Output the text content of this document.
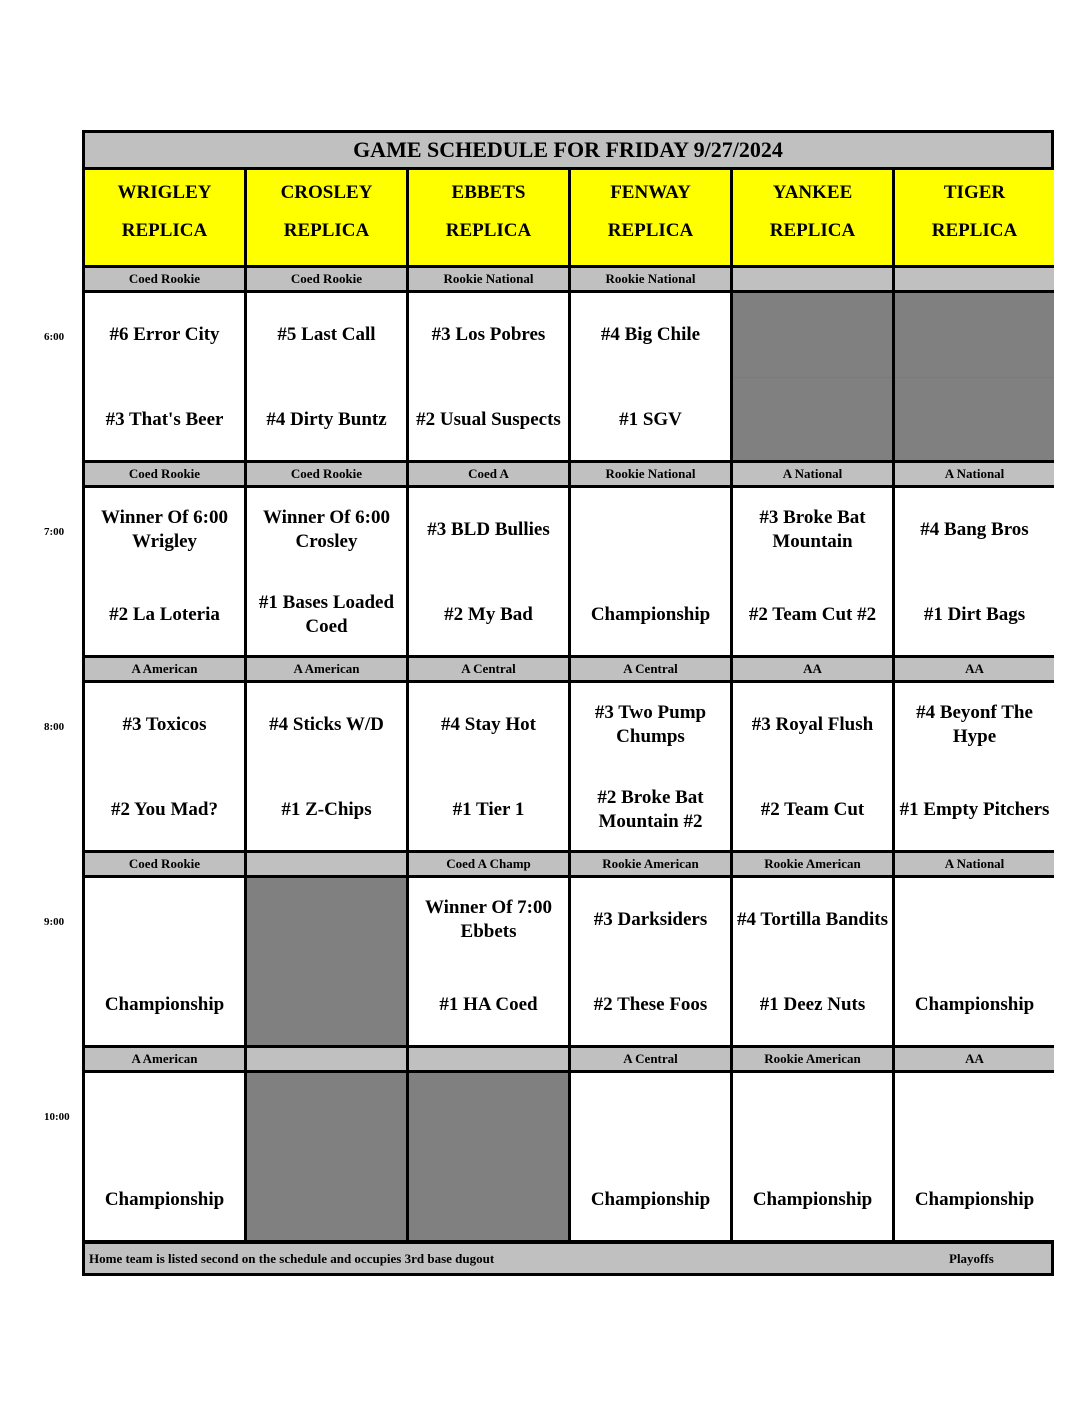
GAME SCHEDULE FOR FRIDAY 9/27/2024
WRIGLEY
REPLICA
CROSLEY
REPLICA
EBBETS
REPLICA
FENWAY
REPLICA
YANKEE
REPLICA
TIGER
REPLICA
Coed Rookie
#6 Error City
#3 That's Beer
Coed Rookie
#5 Last Call
#4 Dirty Buntz
Rookie National
#3 Los Pobres
#2 Usual Suspects
Rookie National
#4 Big Chile
#1 SGV
Coed Rookie
Winner Of 6:00 Wrigley
#2 La Loteria
Coed Rookie
Winner Of 6:00 Crosley
#1 Bases Loaded Coed
Coed A
#3 BLD Bullies
#2 My Bad
Rookie National
Championship
A National
#3 Broke Bat Mountain
#2 Team Cut #2
A National
#4 Bang Bros
#1 Dirt Bags
A American
#3 Toxicos
#2 You Mad?
A American
#4 Sticks W/D
#1 Z-Chips
A Central
#4 Stay Hot
#1 Tier 1
A Central
#3 Two Pump Chumps
#2 Broke Bat Mountain #2
AA
#3 Royal Flush
#2 Team Cut
AA
#4 Beyonf The Hype
#1 Empty Pitchers
Coed Rookie
Championship
Coed A Champ
Winner Of 7:00 Ebbets
#1 HA Coed
Rookie American
#3 Darksiders
#2 These Foos
Rookie American
#4 Tortilla Bandits
#1 Deez Nuts
A National
Championship
A American
Championship
A Central
Championship
Rookie American
Championship
AA
Championship
Home team is listed second on the schedule and occupies 3rd base dugout	Playoffs
6:00
7:00
8:00
9:00
10:00
